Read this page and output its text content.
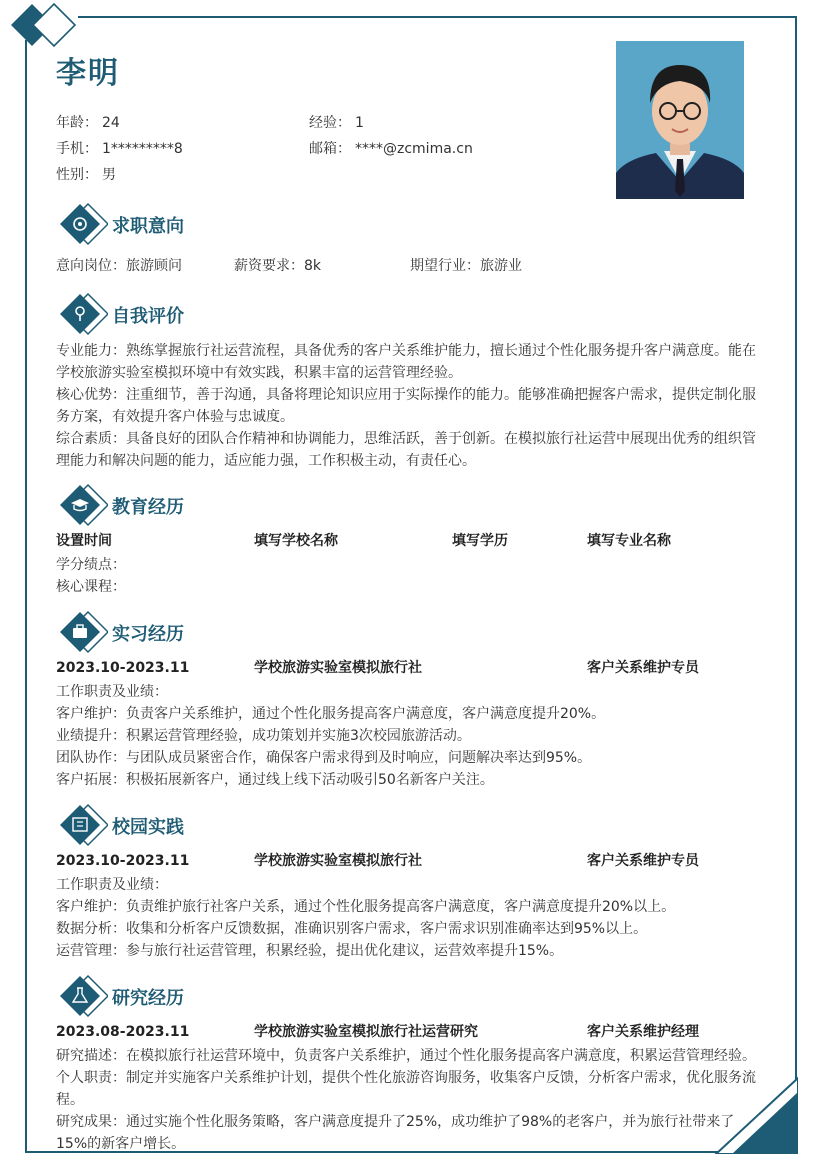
李明
年龄： 24	经验： 1
手机： 1*********8	邮箱： ****@zcmima.cn
性别： 男
求职意向
意向岗位：旅游顾问	薪资要求：8k	期望行业：旅游业
自我评价
专业能力：熟练掌握旅行社运营流程，具备优秀的客户关系维护能力，擅长通过个性化服务提升客户满意度。能在学校旅游实验室模拟环境中有效实践，积累丰富的运营管理经验。
核心优势：注重细节，善于沟通，具备将理论知识应用于实际操作的能力。能够准确把握客户需求，提供定制化服务方案，有效提升客户体验与忠诚度。
综合素质：具备良好的团队合作精神和协调能力，思维活跃，善于创新。在模拟旅行社运营中展现出优秀的组织管理能力和解决问题的能力，适应能力强，工作积极主动，有责任心。
教育经历
设置时间	填写学校名称	填写学历	填写专业名称
学分绩点：
核心课程：
实习经历
2023.10-2023.11	学校旅游实验室模拟旅行社	客户关系维护专员
工作职责及业绩：
客户维护：负责客户关系维护，通过个性化服务提高客户满意度，客户满意度提升20%。
业绩提升：积累运营管理经验，成功策划并实施3次校园旅游活动。
团队协作：与团队成员紧密合作，确保客户需求得到及时响应，问题解决率达到95%。
客户拓展：积极拓展新客户，通过线上线下活动吸引50名新客户关注。
校园实践
2023.10-2023.11	学校旅游实验室模拟旅行社	客户关系维护专员
工作职责及业绩：
客户维护：负责维护旅行社客户关系，通过个性化服务提高客户满意度，客户满意度提升20%以上。
数据分析：收集和分析客户反馈数据，准确识别客户需求，客户需求识别准确率达到95%以上。
运营管理：参与旅行社运营管理，积累经验，提出优化建议，运营效率提升15%。
研究经历
2023.08-2023.11	学校旅游实验室模拟旅行社运营研究	客户关系维护经理
研究描述：在模拟旅行社运营环境中，负责客户关系维护，通过个性化服务提高客户满意度，积累运营管理经验。
个人职责：制定并实施客户关系维护计划，提供个性化旅游咨询服务，收集客户反馈，分析客户需求，优化服务流程。
研究成果：通过实施个性化服务策略，客户满意度提升了25%，成功维护了98%的老客户，并为旅行社带来了15%的新客户增长。
